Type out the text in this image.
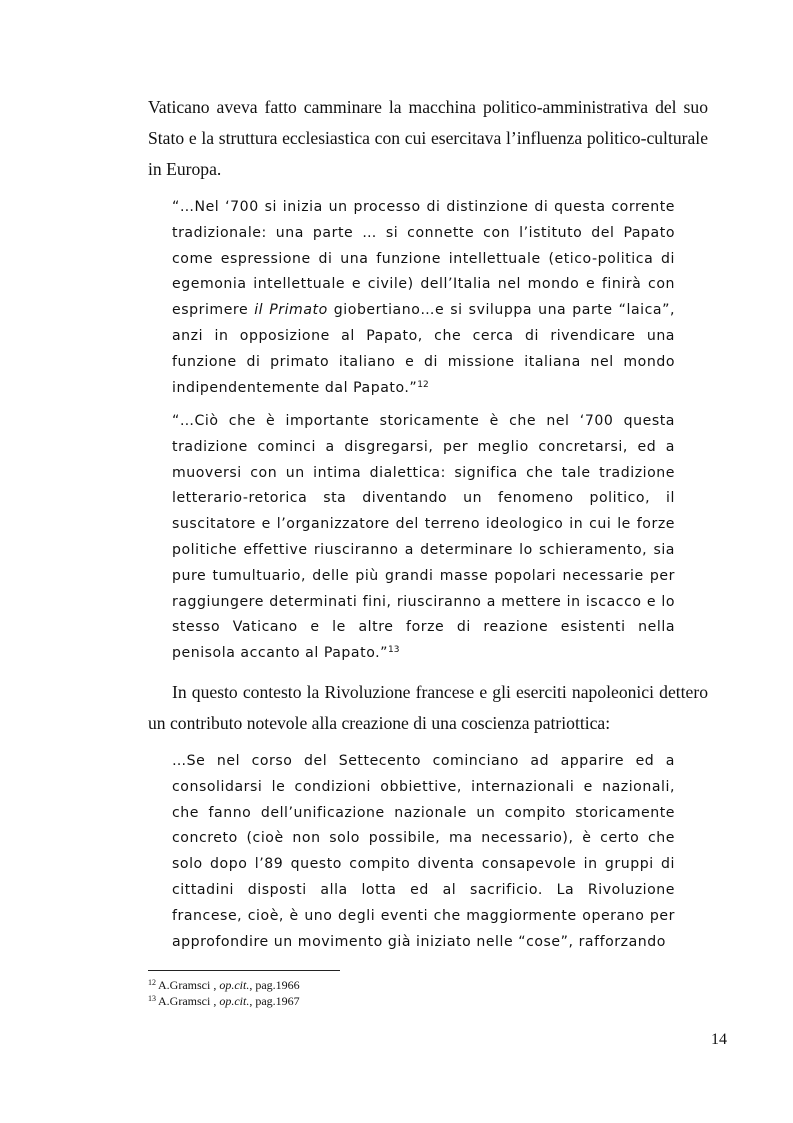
Vaticano aveva fatto camminare la macchina politico-amministrativa del suo Stato e la struttura ecclesiastica con cui esercitava l’influenza politico-culturale in Europa.

“…Nel ‘700 si inizia un processo di distinzione di questa corrente tradizionale: una parte … si connette con l’istituto del Papato come espressione di una funzione intellettuale (etico-politica di egemonia intellettuale e civile) dell’Italia nel mondo e finirà con esprimere il Primato giobertiano…e si sviluppa una parte “laica”, anzi in opposizione al Papato, che cerca di rivendicare una funzione di primato italiano e di missione italiana nel mondo indipendentemente dal Papato.”$^{12}$

“…Ciò che è importante storicamente è che nel ‘700 questa tradizione cominci a disgregarsi, per meglio concretarsi, ed a muoversi con un intima dialettica: significa che tale tradizione letterario-retorica sta diventando un fenomeno politico, il suscitatore e l’organizzatore del terreno ideologico in cui le forze politiche effettive riusciranno a determinare lo schieramento, sia pure tumultuario, delle più grandi masse popolari necessarie per raggiungere determinati fini, riusciranno a mettere in iscacco e lo stesso Vaticano e le altre forze di reazione esistenti nella penisola accanto al Papato.”$^{13}$

In questo contesto la Rivoluzione francese e gli eserciti napoleonici dettero un contributo notevole alla creazione di una coscienza patriottica:

…Se nel corso del Settecento cominciano ad apparire ed a consolidarsi le condizioni obbiettive, internazionali e nazionali, che fanno dell’unificazione nazionale un compito storicamente concreto (cioè non solo possibile, ma necessario), è certo che solo dopo l’89 questo compito diventa consapevole in gruppi di cittadini disposti alla lotta ed al sacrificio. La Rivoluzione francese, cioè, è uno degli eventi che maggiormente operano per approfondire un movimento già iniziato nelle “cose”, rafforzando

$^{12}$ A.Gramsci , op.cit., pag.1966
$^{13}$ A.Gramsci , op.cit., pag.1967
14
